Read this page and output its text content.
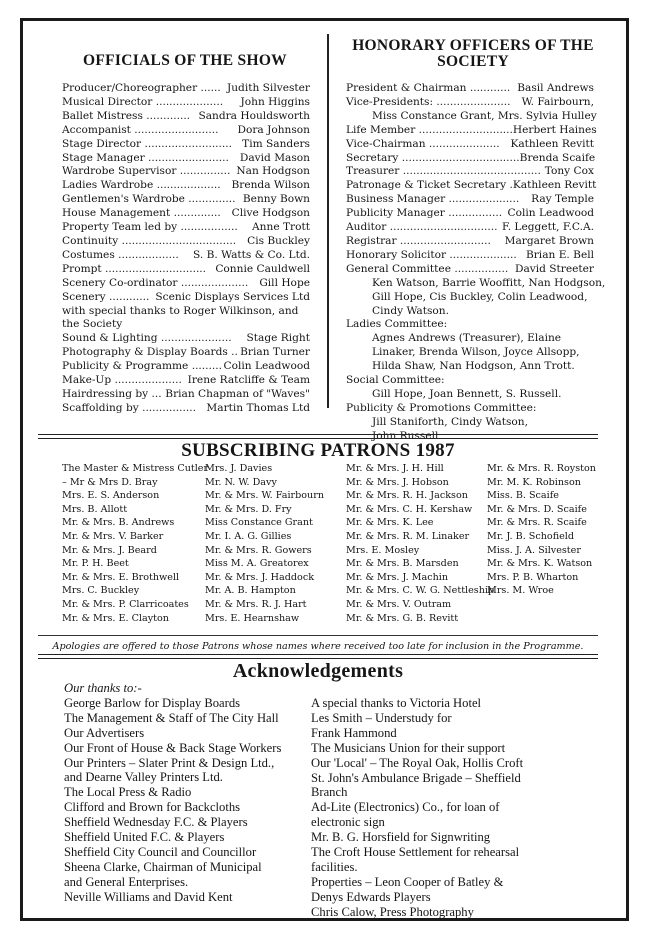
OFFICIALS OF THE SHOW
Producer/Choreographer ...... Judith Silvester
Musical Director ....................	John Higgins
Ballet Mistress ............. Sandra Houldsworth
Accompanist .........................	Dora Johnson
Stage Director .......................... Tim Sanders
Stage Manager ........................	David Mason
Wardrobe Supervisor ............... Nan Hodgson
Ladies Wardrobe ...................	Brenda Wilson
Gentlemen's Wardrobe .............. Benny Bown
House Management ..............	Clive Hodgson
Property Team led by .................	Anne Trott
Continuity ..................................	Cis Buckley
Costumes ..................	S. B. Watts & Co. Ltd.
Prompt .............................. Connie Cauldwell
Scenery Co-ordinator ....................	Gill Hope
Scenery ............ Scenic Displays Services Ltd
with special thanks to Roger Wilkinson, and
the Society
Sound & Lighting .....................	Stage Right
Photography & Display Boards .. Brian Turner
Publicity & Programme ......... Colin Leadwood
Make-Up .................... Irene Ratcliffe & Team
Hairdressing by ... Brian Chapman of "Waves"
Scaffolding by ................ Martin Thomas Ltd
HONORARY OFFICERS OF THE
SOCIETY
President & Chairman ............ Basil Andrews
Vice-Presidents: ......................	W. Fairbourn,
Miss Constance Grant, Mrs. Sylvia Hulley
Life Member ............................ Herbert Haines
Vice-Chairman .....................	Kathleen Revitt
Secretary ................................... Brenda Scaife
Treasurer ......................................... Tony Cox
Patronage & Ticket Secretary . Kathleen Revitt
Business Manager .....................	Ray Temple
Publicity Manager ................ Colin Leadwood
Auditor ................................ F. Leggett, F.C.A.
Registrar ...........................	Margaret Brown
Honorary Solicitor .................... Brian E. Bell
General Committee ................ David Streeter
Ken Watson, Barrie Wooffitt, Nan Hodgson,
Gill Hope, Cis Buckley, Colin Leadwood,
Cindy Watson.
Ladies Committee:
Agnes Andrews (Treasurer), Elaine
Linaker, Brenda Wilson, Joyce Allsopp,
Hilda Shaw, Nan Hodgson, Ann Trott.
Social Committee:
Gill Hope, Joan Bennett, S. Russell.
Publicity & Promotions Committee:
Jill Staniforth, Cindy Watson,
John Russell
SUBSCRIBING PATRONS 1987
The Master & Mistress Cutler
– Mr & Mrs D. Bray
Mrs. E. S. Anderson
Mrs. B. Allott
Mr. & Mrs. B. Andrews
Mr. & Mrs. V. Barker
Mr. & Mrs. J. Beard
Mr. P. H. Beet
Mr. & Mrs. E. Brothwell
Mrs. C. Buckley
Mr. & Mrs. P. Clarricoates
Mr. & Mrs. E. Clayton
Mrs. J. Davies
Mr. N. W. Davy
Mr. & Mrs. W. Fairbourn
Mr. & Mrs. D. Fry
Miss Constance Grant
Mr. I. A. G. Gillies
Mr. & Mrs. R. Gowers
Miss M. A. Greatorex
Mr. & Mrs. J. Haddock
Mr. A. B. Hampton
Mr. & Mrs. R. J. Hart
Mrs. E. Hearnshaw
Mr. & Mrs. J. H. Hill
Mr. & Mrs. J. Hobson
Mr. & Mrs. R. H. Jackson
Mr. & Mrs. C. H. Kershaw
Mr. & Mrs. K. Lee
Mr. & Mrs. R. M. Linaker
Mrs. E. Mosley
Mr. & Mrs. B. Marsden
Mr. & Mrs. J. Machin
Mr. & Mrs. C. W. G. Nettleship
Mr. & Mrs. V. Outram
Mr. & Mrs. G. B. Revitt
Mr. & Mrs. R. Royston
Mr. M. K. Robinson
Miss. B. Scaife
Mr. & Mrs. D. Scaife
Mr. & Mrs. R. Scaife
Mr. J. B. Schofield
Miss. J. A. Silvester
Mr. & Mrs. K. Watson
Mrs. P. B. Wharton
Mrs. M. Wroe
Apologies are offered to those Patrons whose names where received too late for inclusion in the Programme.
Acknowledgements
Our thanks to:-
George Barlow for Display Boards
The Management & Staff of The City Hall
Our Advertisers
Our Front of House & Back Stage Workers
Our Printers – Slater Print & Design Ltd.,
and Dearne Valley Printers Ltd.
The Local Press & Radio
Clifford and Brown for Backcloths
Sheffield Wednesday F.C. & Players
Sheffield United F.C. & Players
Sheffield City Council and Councillor
Sheena Clarke, Chairman of Municipal
and General Enterprises.
Neville Williams and David Kent
A special thanks to Victoria Hotel
Les Smith – Understudy for
Frank Hammond
The Musicians Union for their support
Our 'Local' – The Royal Oak, Hollis Croft
St. John's Ambulance Brigade – Sheffield
Branch
Ad-Lite (Electronics) Co., for loan of
electronic sign
Mr. B. G. Horsfield for Signwriting
The Croft House Settlement for rehearsal
facilities.
Properties – Leon Cooper of Batley &
Denys Edwards Players
Chris Calow, Press Photography
